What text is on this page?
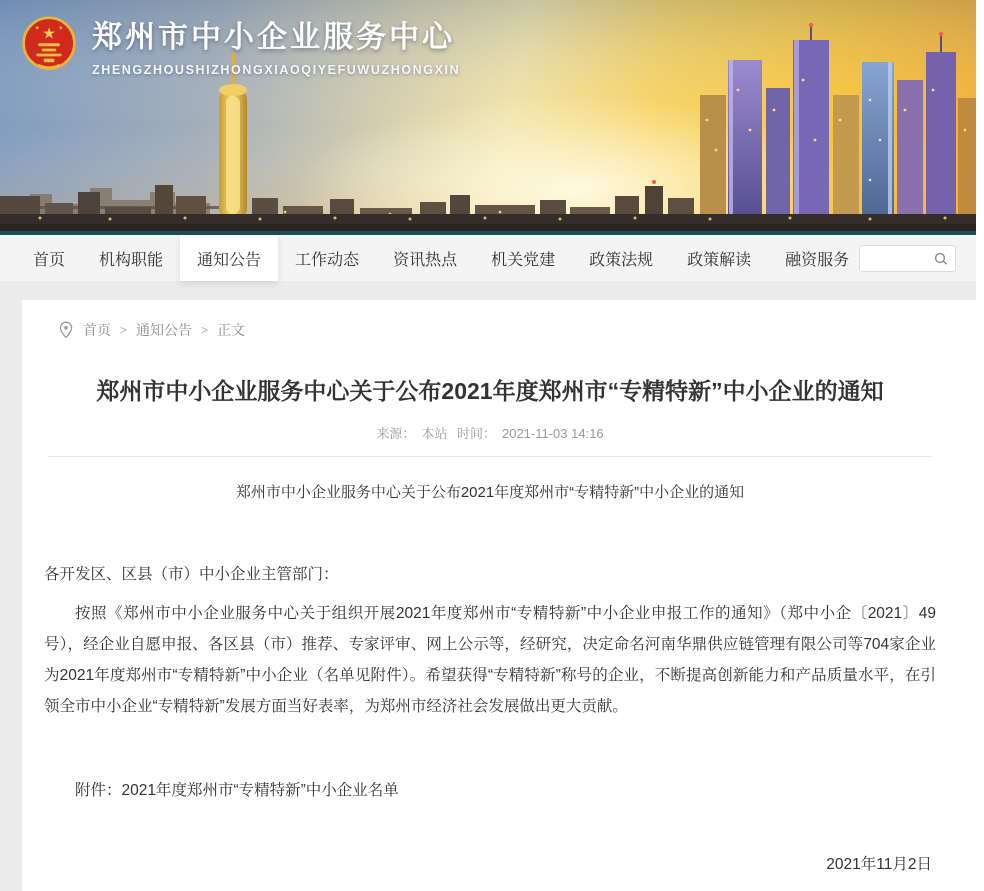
★
★	★ 郑州市中小企业服务中心
ZHENGZHOUSHIZHONGXIAOQIYEFUWUZHONGXIN
首页	机构职能	通知公告	工作动态	资讯热点	机关党建	政策法规	政策解读	融资服务
首页 > 通知公告 > 正文
郑州市中小企业服务中心关于公布2021年度郑州市“专精特新”中小企业的通知
来源： 本站 时间： 2021-11-03 14:16

郑州市中小企业服务中心关于公布2021年度郑州市“专精特新”中小企业的通知

各开发区、区县（市）中小企业主管部门：

按照《郑州市中小企业服务中心关于组织开展2021年度郑州市“专精特新”中小企业申报工作的通知》（郑中小企〔2021〕49号），经企业自愿申报、各区县（市）推荐、专家评审、网上公示等，经研究，决定命名河南华鼎供应链管理有限公司等704家企业为2021年度郑州市“专精特新”中小企业（名单见附件）。希望获得“专精特新”称号的企业，不断提高创新能力和产品质量水平，在引领全市中小企业“专精特新”发展方面当好表率，为郑州市经济社会发展做出更大贡献。

附件：2021年度郑州市“专精特新”中小企业名单

2021年11月2日
